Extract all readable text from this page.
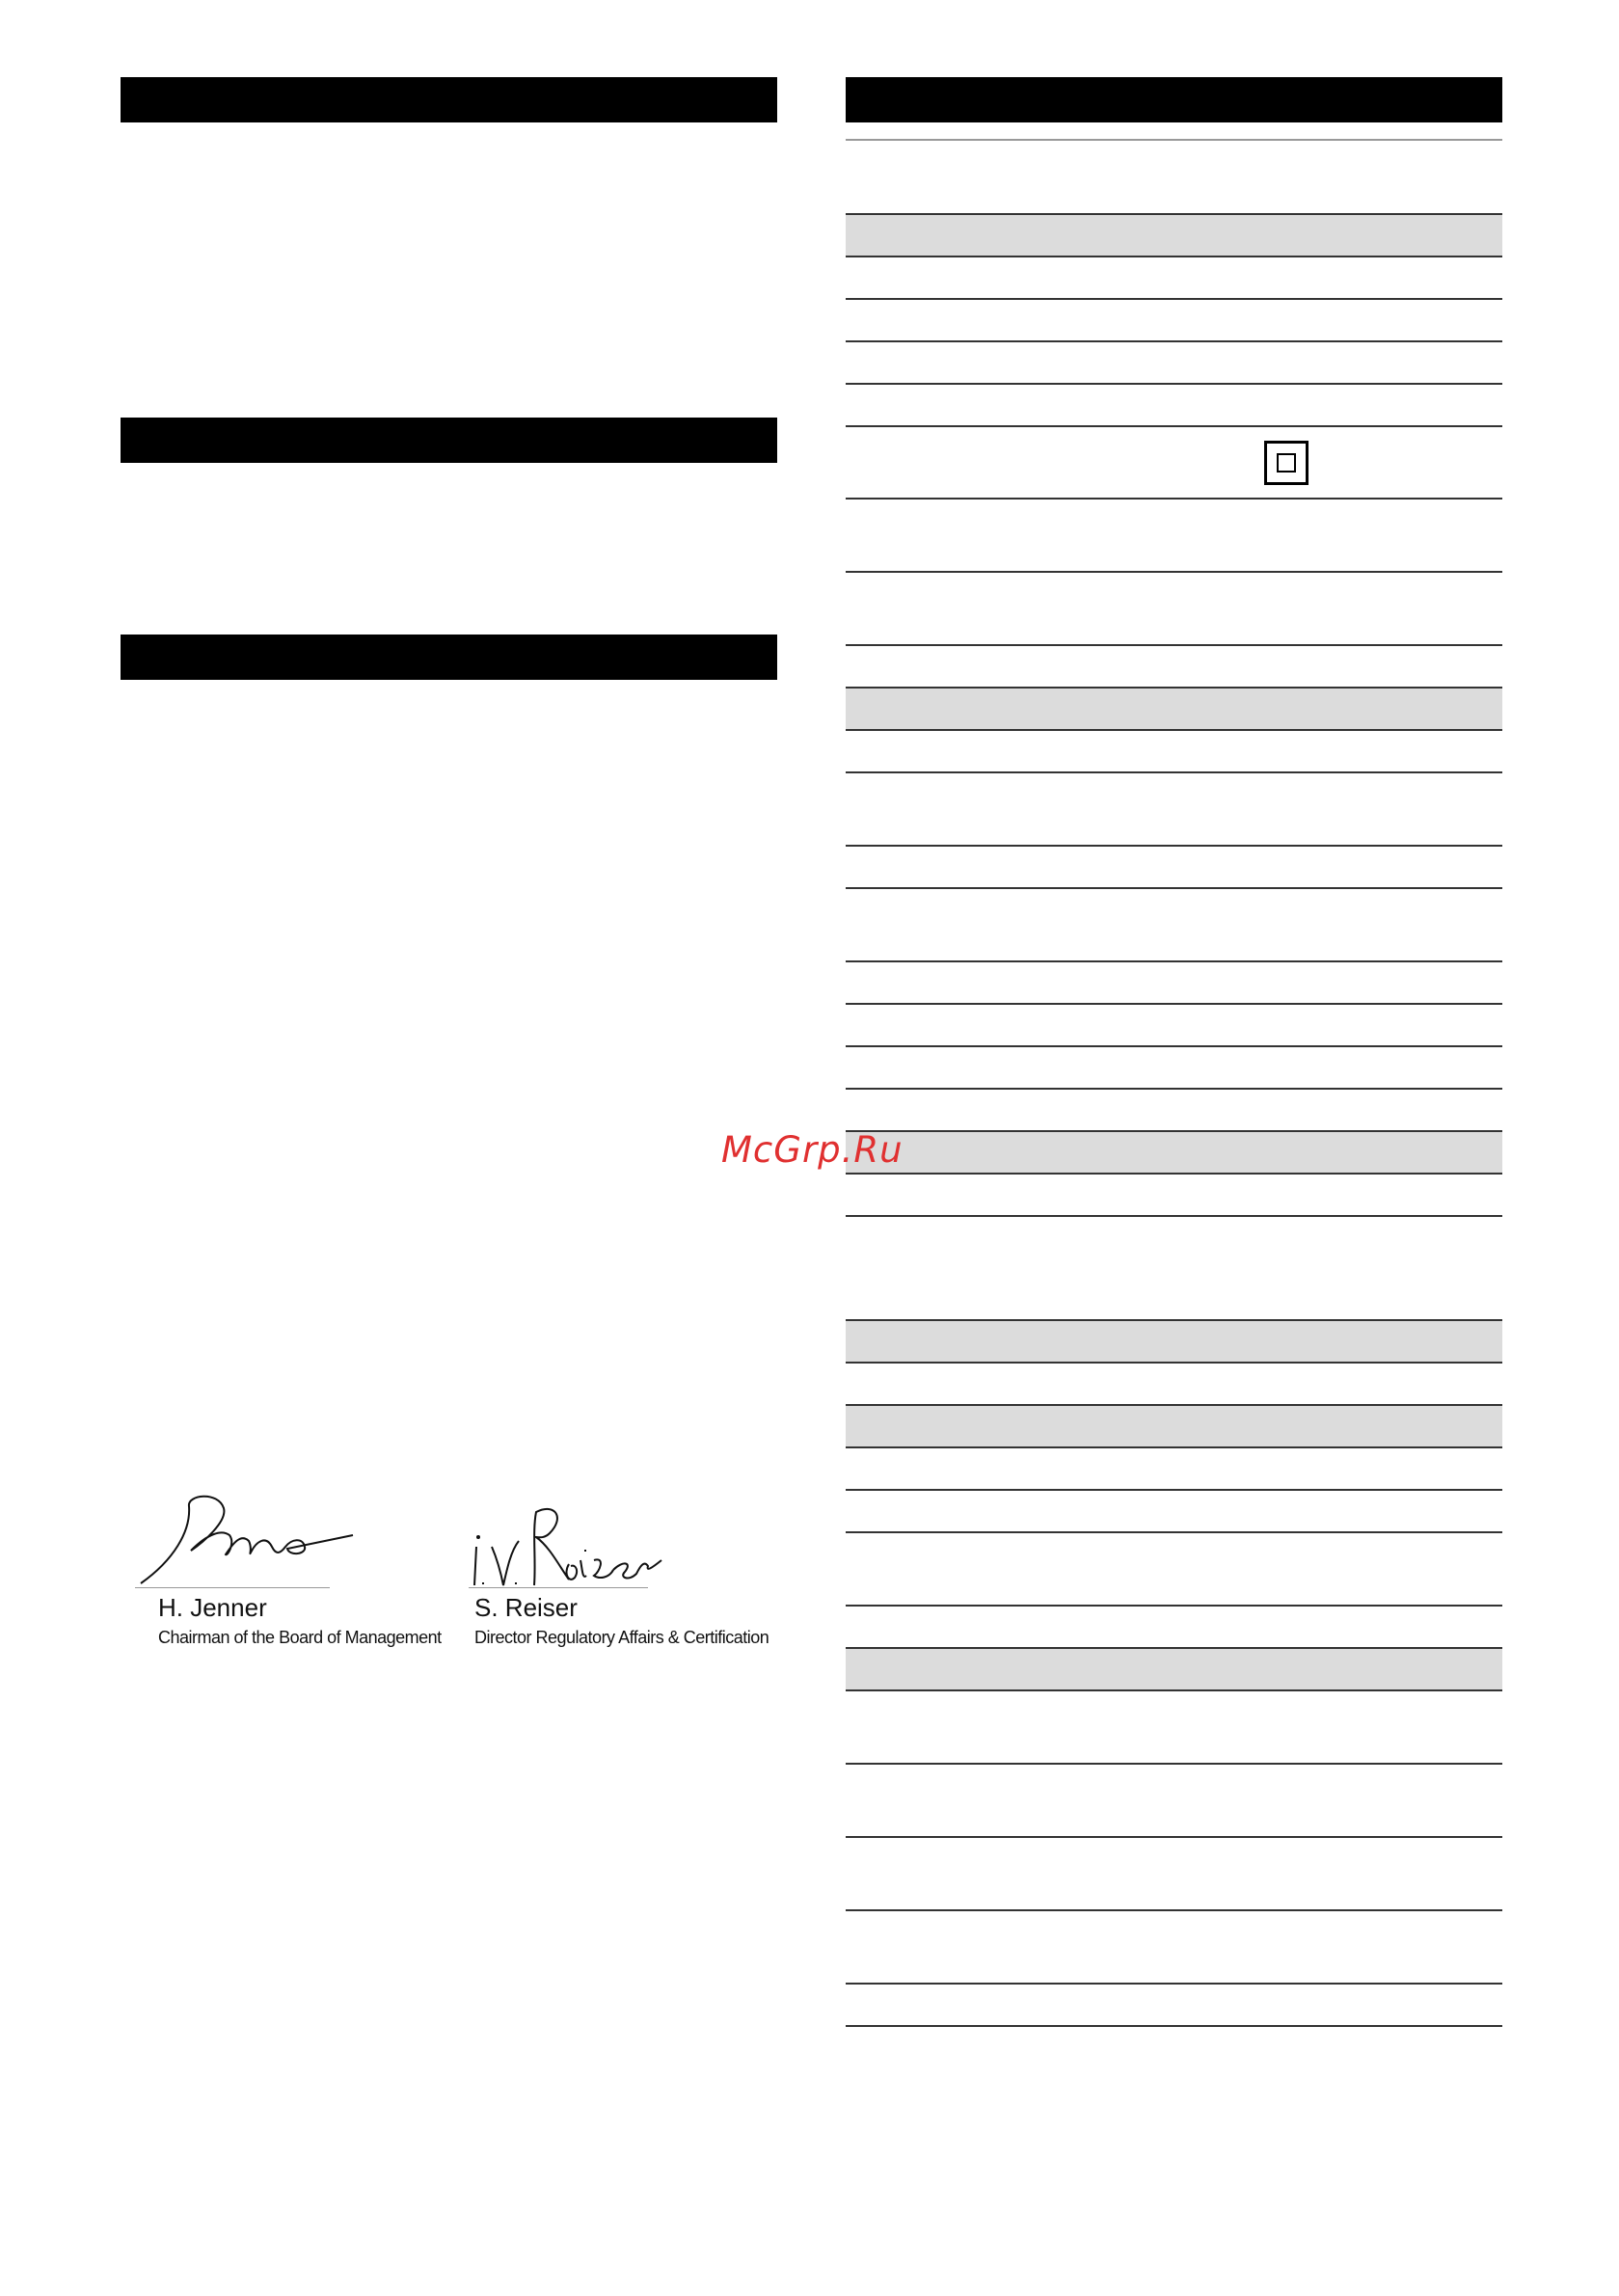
McGrp.Ru
H. Jenner
Chairman of the Board of Management
S. Reiser
Director Regulatory Affairs & Certification
